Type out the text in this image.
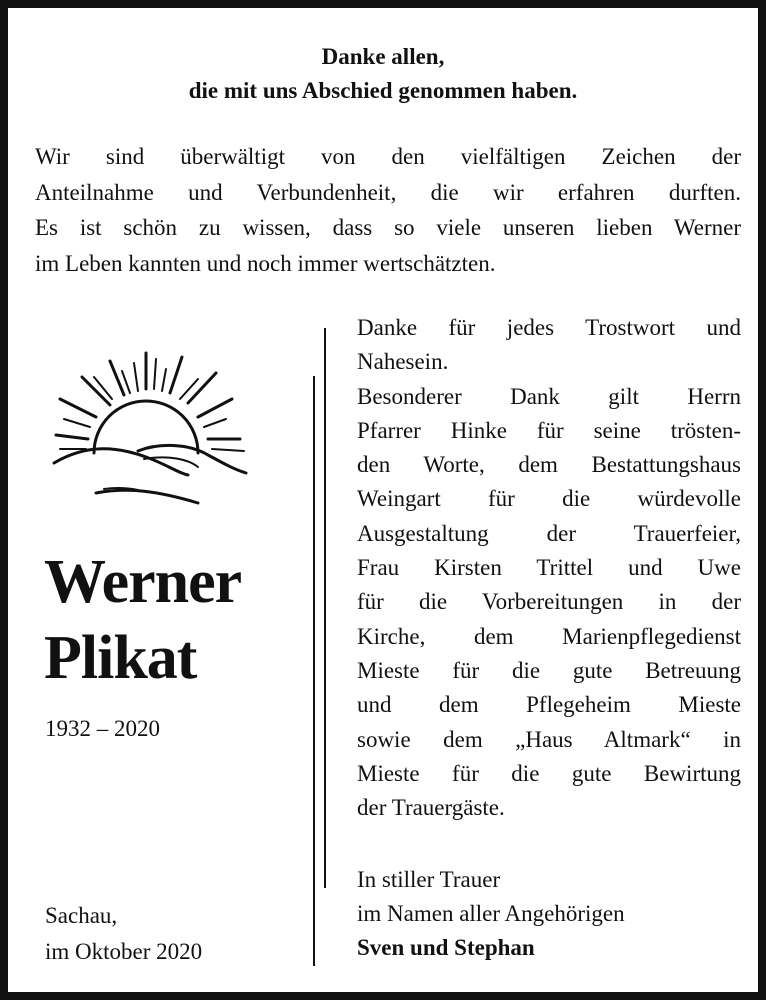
Danke allen,
die mit uns Abschied genommen haben.
Wir sind überwältigt von den vielfältigen Zeichen der
Anteilnahme und Verbundenheit, die wir erfahren durften.
Es ist schön zu wissen, dass so viele unseren lieben Werner
im Leben kannten und noch immer wertschätzten.
Werner
Plikat
1932 – 2020
Sachau,
im Oktober 2020
Danke für jedes Trostwort und
Nahesein.
Besonderer Dank gilt Herrn
Pfarrer Hinke für seine trösten-
den Worte, dem Bestattungshaus
Weingart für die würdevolle
Ausgestaltung der Trauerfeier,
Frau Kirsten Trittel und Uwe
für die Vorbereitungen in der
Kirche, dem Marienpflegedienst
Mieste für die gute Betreuung
und dem Pflegeheim Mieste
sowie dem „Haus Altmark“ in
Mieste für die gute Bewirtung
der Trauergäste.
In stiller Trauer
im Namen aller Angehörigen
Sven und Stephan
